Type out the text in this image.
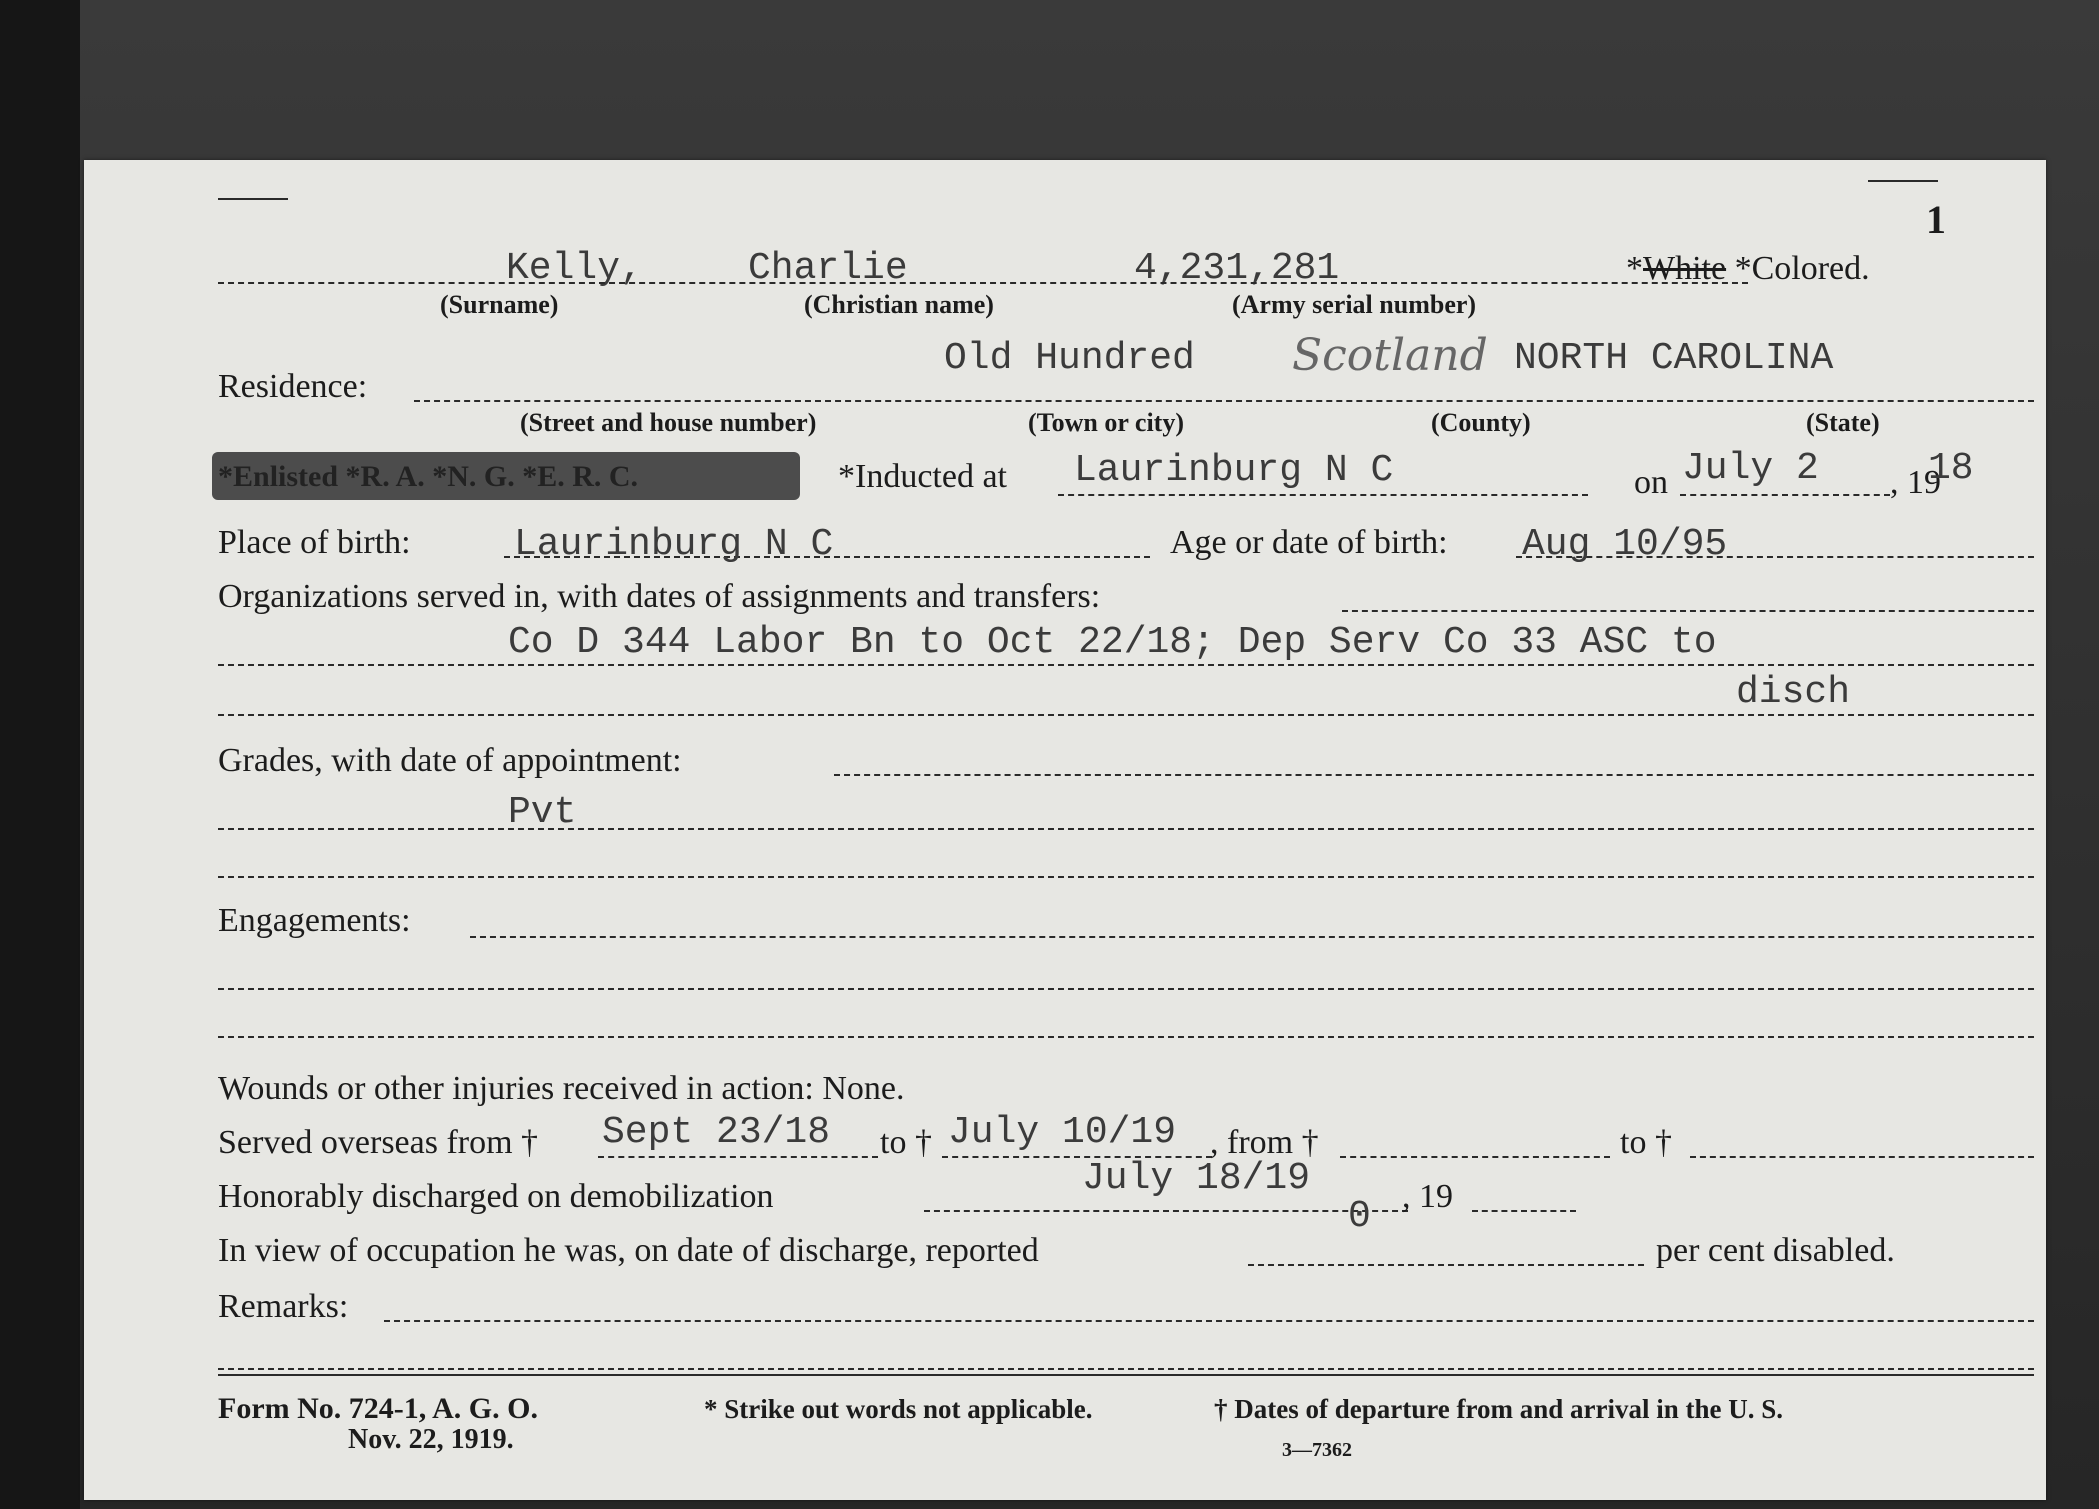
1
Kelly,	Charlie	4,231,281	*White *Colored.
(Surname)	(Christian name)	(Army serial number)
Residence:
Old Hundred Scotland NORTH CAROLINA
(Street and house number)	(Town or city)	(County)	(State)
*Enlisted *R. A. *N. G. *E. R. C.	*Inducted at Laurinburg N C	on July 2 , 19
18
Place of birth:	Laurinburg N C	Age or date of birth: Aug 10/95
Organizations served in, with dates of assignments and transfers:
Co D 344 Labor Bn to Oct 22/18; Dep Serv Co 33 ASC to
disch
Grades, with date of appointment:
Pvt
Engagements:
Wounds or other injuries received in action: None.
Served overseas from † Sept 23/18 to † July 10/19 , from †	to †
Honorably discharged on demobilization	July 18/19	, 19
In view of occupation he was, on date of discharge, reported
0
per cent disabled.
Remarks:
Form No. 724-1, A. G. O.
Nov. 22, 1919.
* Strike out words not applicable.	† Dates of departure from and arrival in the U. S.
3—7362
